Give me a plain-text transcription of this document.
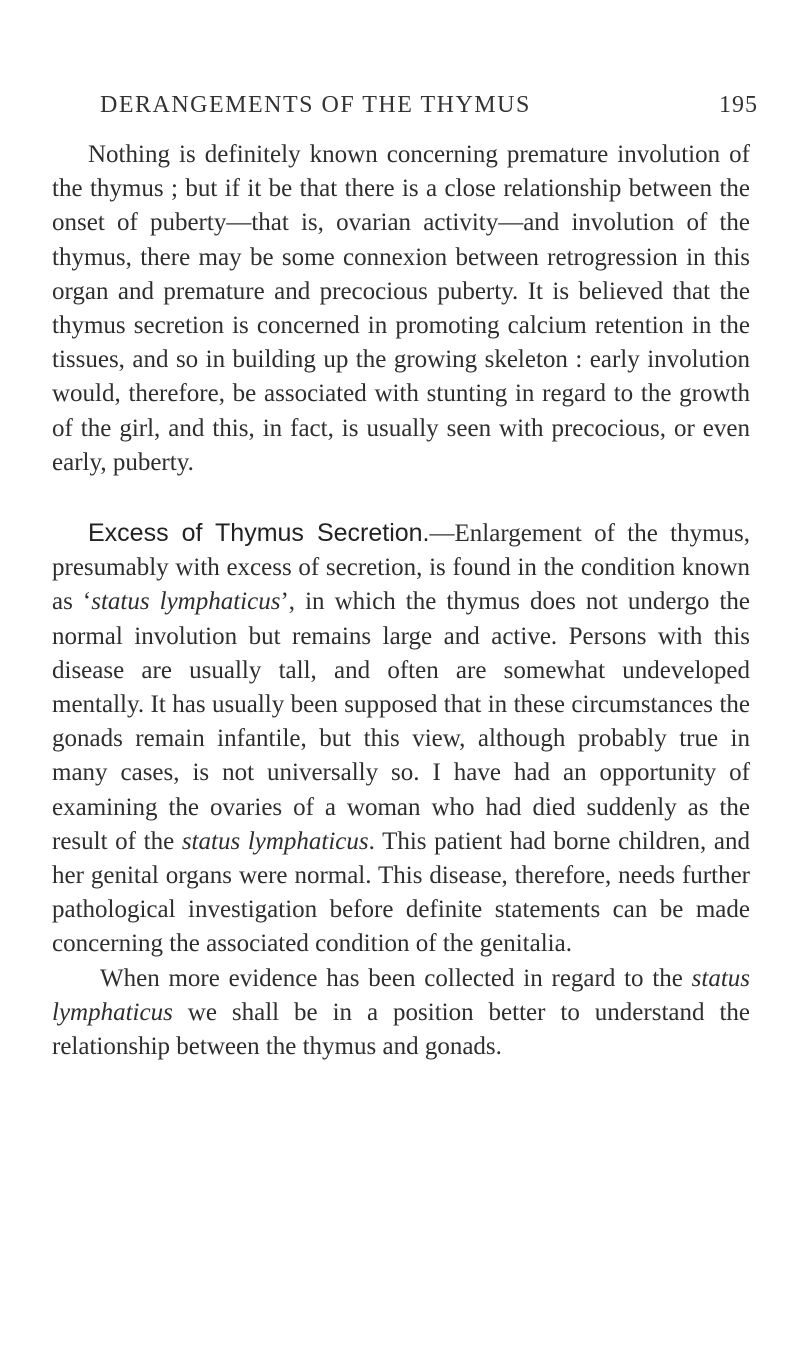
DERANGEMENTS OF THE THYMUS	195

Nothing is definitely known concerning premature involution of the thymus ; but if it be that there is a close relationship between the onset of puberty—that is, ovarian activity—and involution of the thymus, there may be some connexion between retrogression in this organ and premature and precocious puberty. It is believed that the thymus secretion is concerned in promoting calcium retention in the tissues, and so in building up the growing skeleton : early involution would, therefore, be associated with stunting in regard to the growth of the girl, and this, in fact, is usually seen with precocious, or even early, puberty.

Excess of Thymus Secretion.—Enlargement of the thymus, presumably with excess of secretion, is found in the condition known as ‘status lymphaticus’, in which the thymus does not undergo the normal involution but remains large and active. Persons with this disease are usually tall, and often are somewhat undeveloped mentally. It has usually been supposed that in these circumstances the gonads remain infantile, but this view, although probably true in many cases, is not universally so. I have had an opportunity of examining the ovaries of a woman who had died suddenly as the result of the status lymphaticus. This patient had borne children, and her genital organs were normal. This disease, therefore, needs further pathological investigation before definite statements can be made concerning the associated condition of the genitalia.

When more evidence has been collected in regard to the status lymphaticus we shall be in a position better to understand the relationship between the thymus and gonads.
